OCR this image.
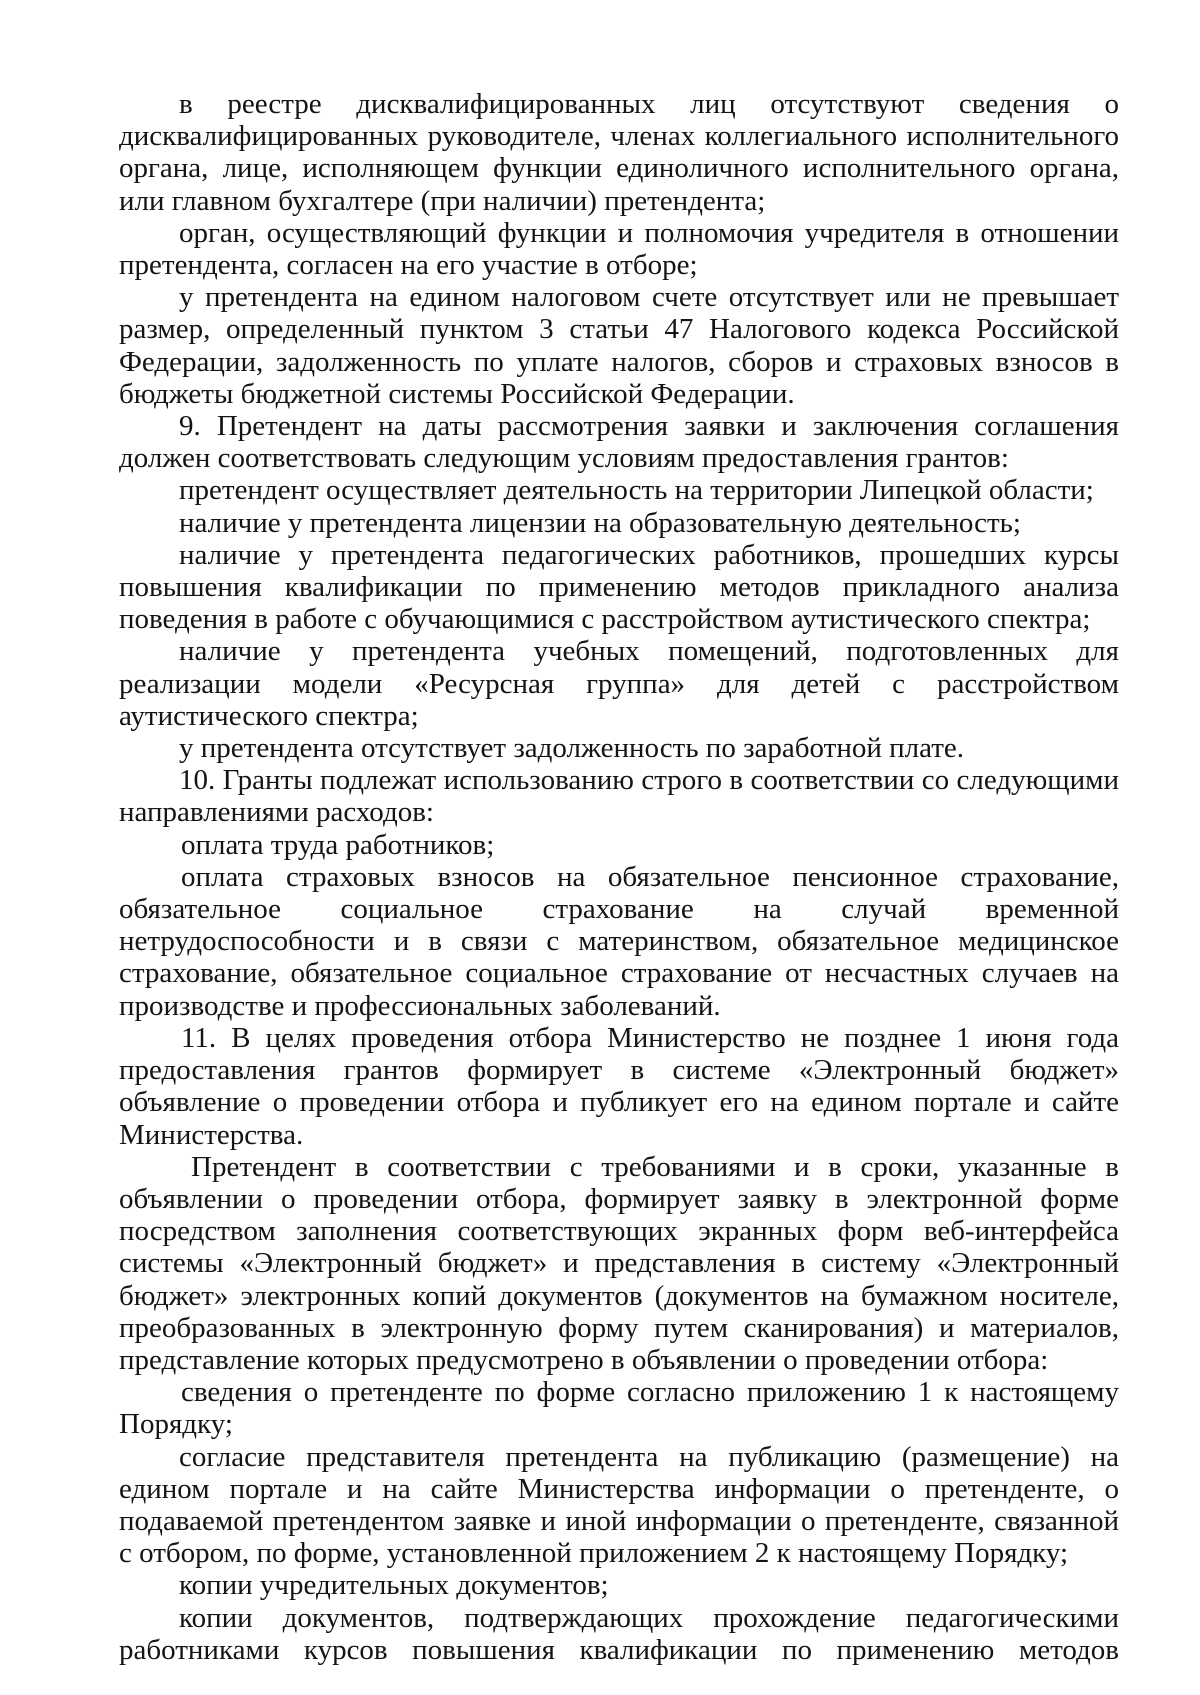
в реестре дисквалифицированных лиц отсутствуют сведения о дисквалифицированных руководителе, членах коллегиального исполнительного органа, лице, исполняющем функции единоличного исполнительного органа, или главном бухгалтере (при наличии) претендента;

орган, осуществляющий функции и полномочия учредителя в отношении претендента, согласен на его участие в отборе;

у претендента на едином налоговом счете отсутствует или не превышает размер, определенный пунктом 3 статьи 47 Налогового кодекса Российской Федерации, задолженность по уплате налогов, сборов и страховых взносов в бюджеты бюджетной системы Российской Федерации.

9. Претендент на даты рассмотрения заявки и заключения соглашения должен соответствовать следующим условиям предоставления грантов:

претендент осуществляет деятельность на территории Липецкой области;

наличие у претендента лицензии на образовательную деятельность;

наличие у претендента педагогических работников, прошедших курсы повышения квалификации по применению методов прикладного анализа поведения в работе с обучающимися с расстройством аутистического спектра;

наличие у претендента учебных помещений, подготовленных для реализации модели «Ресурсная группа» для детей с расстройством аутистического спектра;

у претендента отсутствует задолженность по заработной плате.

10. Гранты подлежат использованию строго в соответствии со следующими направлениями расходов:

оплата труда работников;

оплата страховых взносов на обязательное пенсионное страхование, обязательное социальное страхование на случай временной нетрудоспособности и в связи с материнством, обязательное медицинское страхование, обязательное социальное страхование от несчастных случаев на производстве и профессиональных заболеваний.

11. В целях проведения отбора Министерство не позднее 1 июня года предоставления грантов формирует в системе «Электронный бюджет» объявление о проведении отбора и публикует его на едином портале и сайте Министерства.

Претендент в соответствии с требованиями и в сроки, указанные в объявлении о проведении отбора, формирует заявку в электронной форме посредством заполнения соответствующих экранных форм веб-интерфейса системы «Электронный бюджет» и представления в систему «Электронный бюджет» электронных копий документов (документов на бумажном носителе, преобразованных в электронную форму путем сканирования) и материалов, представление которых предусмотрено в объявлении о проведении отбора:

сведения о претенденте по форме согласно приложению 1 к настоящему Порядку;

согласие представителя претендента на публикацию (размещение) на едином портале и на сайте Министерства информации о претенденте, о подаваемой претендентом заявке и иной информации о претенденте, связанной с отбором, по форме, установленной приложением 2 к настоящему Порядку;

копии учредительных документов;

копии документов, подтверждающих прохождение педагогическими работниками курсов повышения квалификации по применению методов
